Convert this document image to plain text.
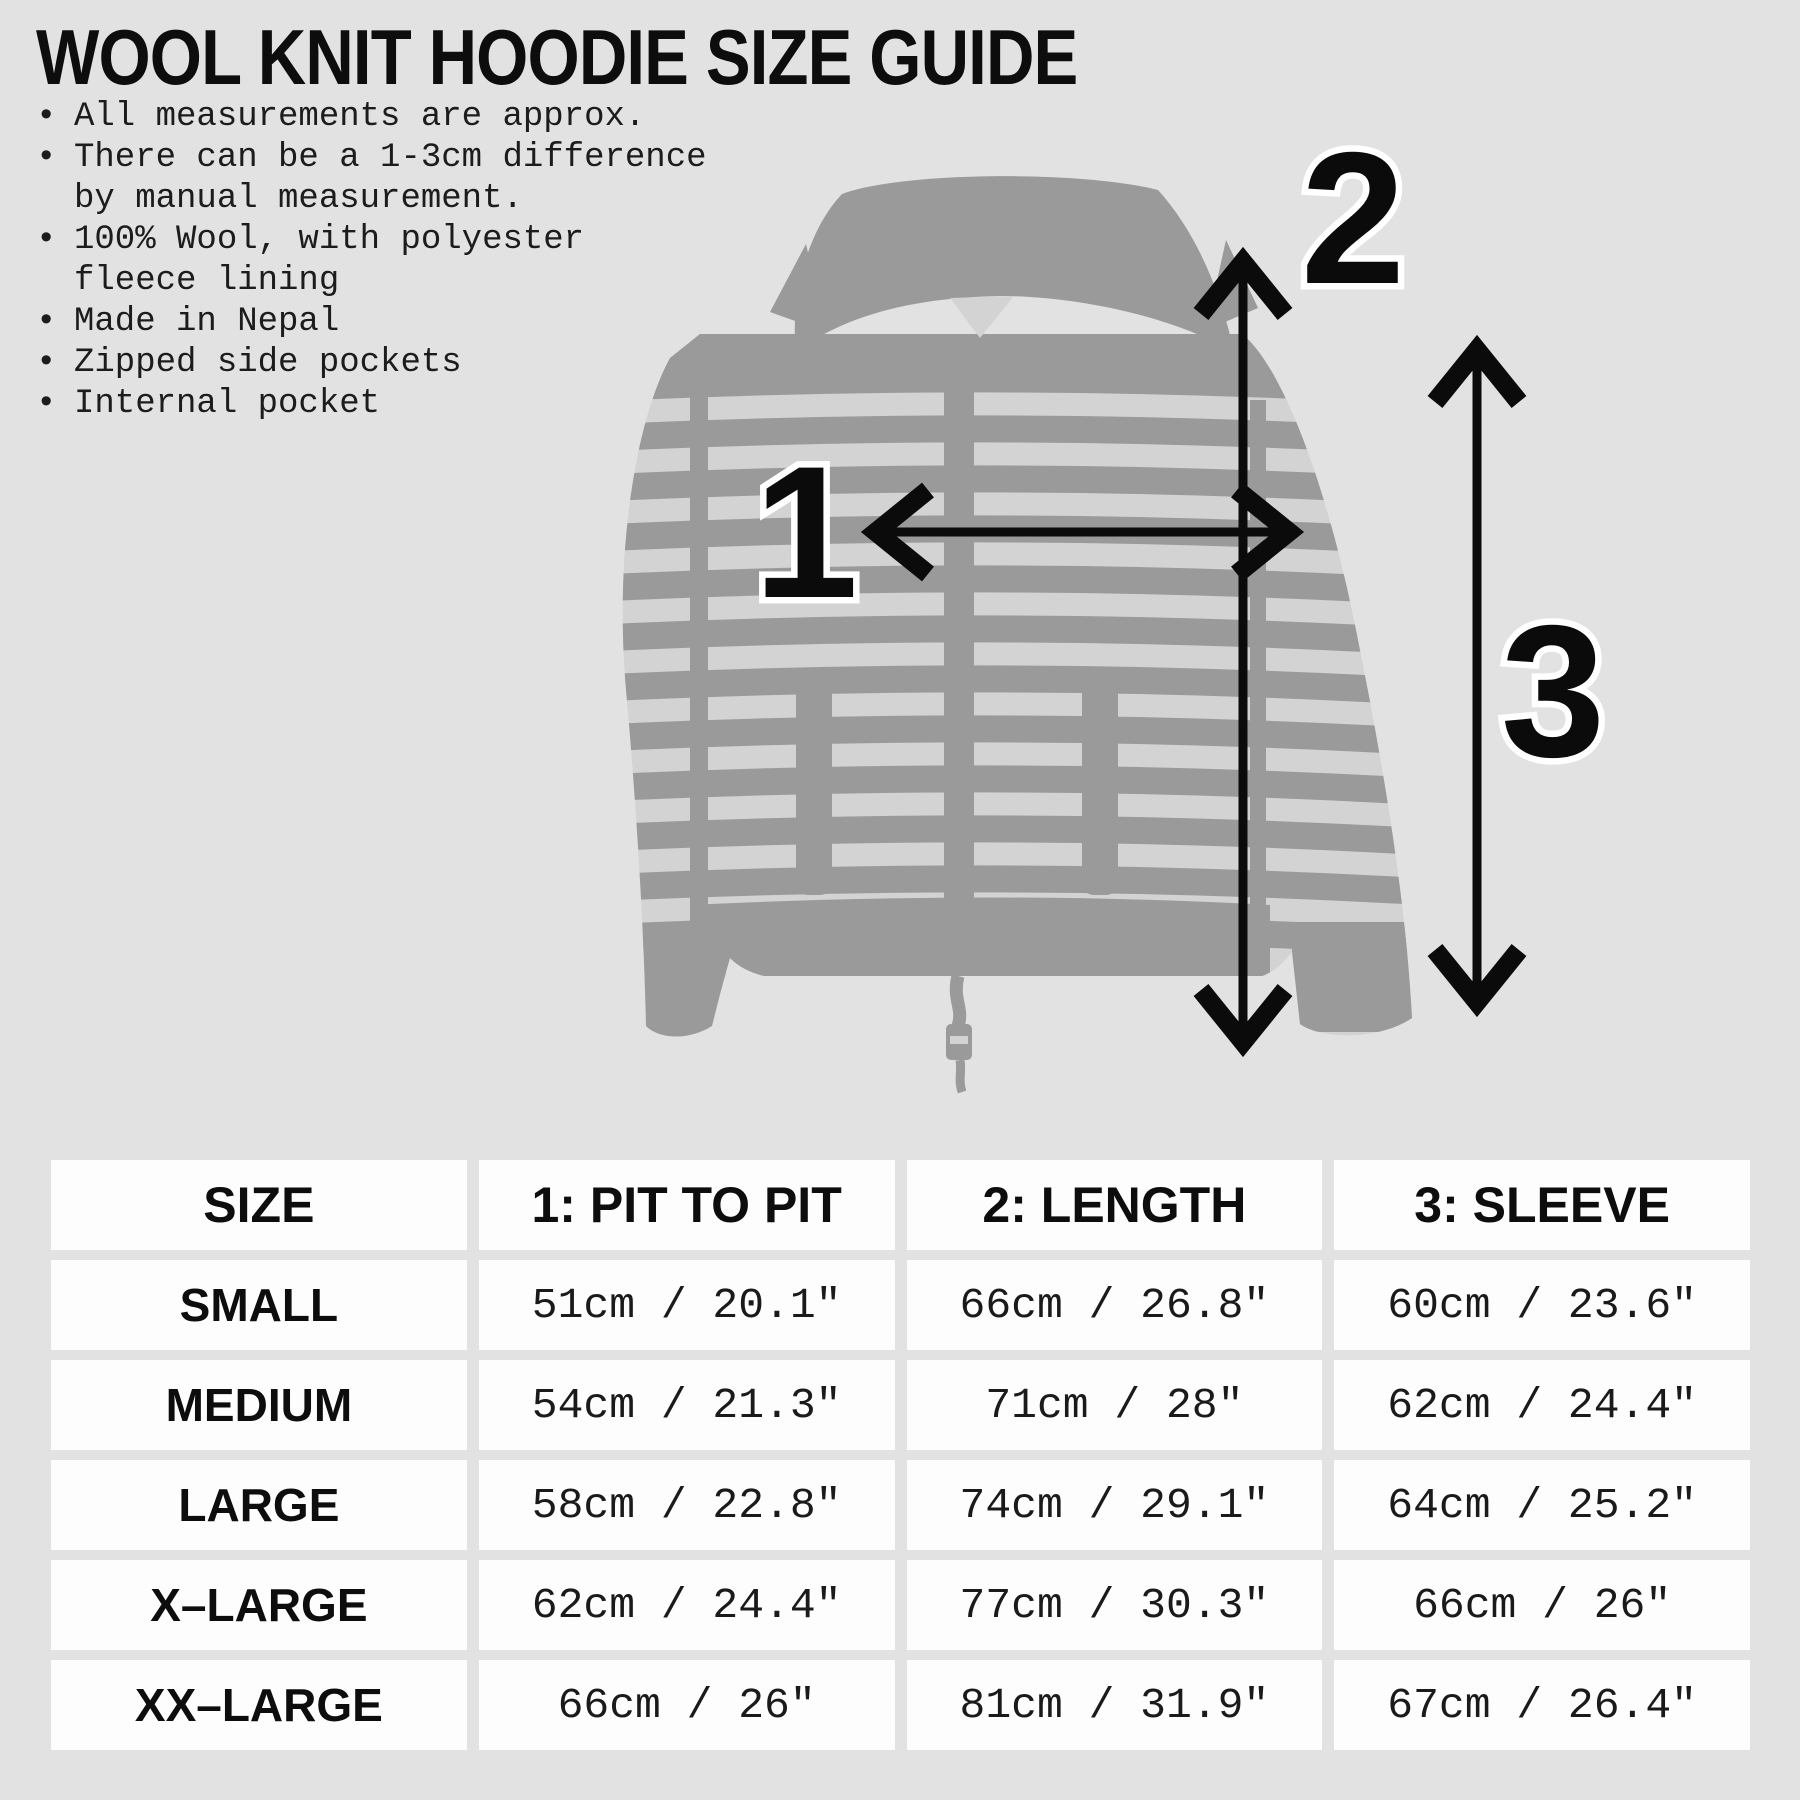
WOOL KNIT HOODIE SIZE GUIDE
• All measurements are approx.
• There can be a 1-3cm difference
by manual measurement.
• 100% Wool, with polyester
fleece lining
• Made in Nepal
• Zipped side pockets
• Internal pocket
1
2
3
SIZE	1: PIT TO PIT	2: LENGTH	3: SLEEVE
SMALL	51cm / 20.1″	66cm / 26.8″	60cm / 23.6″
MEDIUM	54cm / 21.3″	71cm / 28″	62cm / 24.4″
LARGE	58cm / 22.8″	74cm / 29.1″	64cm / 25.2″
X–LARGE	62cm / 24.4″	77cm / 30.3″	66cm / 26″
XX–LARGE	66cm / 26″	81cm / 31.9″	67cm / 26.4″
